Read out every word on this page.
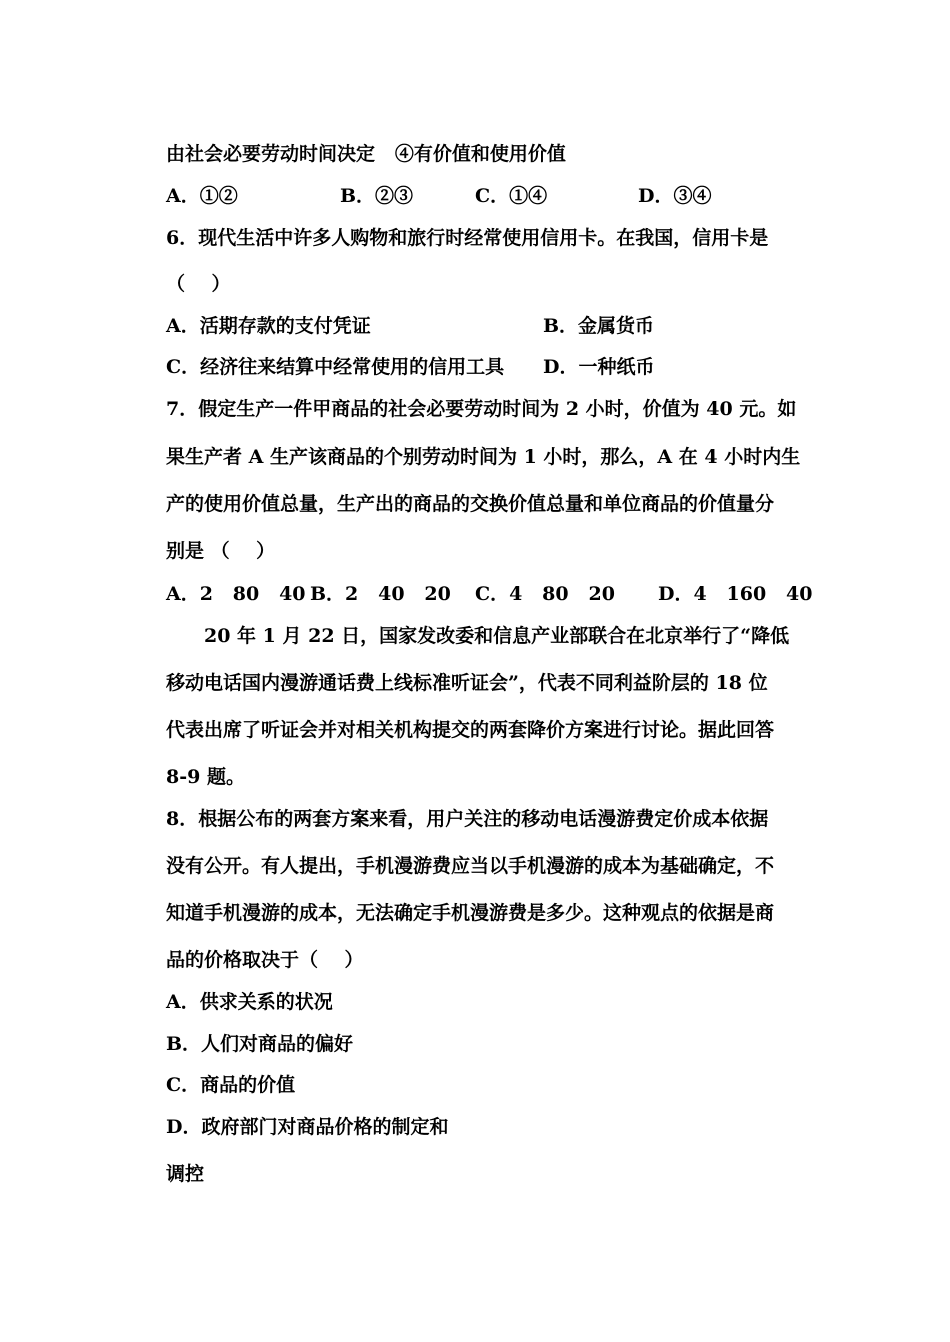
由社会必要劳动时间决定   ④有价值和使用价值
A．①②	B．②③	C．①④	D．③④
6．现代生活中许多人购物和旅行时经常使用信用卡。在我国，信用卡是
（    ）
A．活期存款的支付凭证	B．金属货币
C．经济往来结算中经常使用的信用工具 D．一种纸币
7．假定生产一件甲商品的社会必要劳动时间为 2 小时，价值为 40 元。如
果生产者 A 生产该商品的个别劳动时间为 1 小时，那么，A 在 4 小时内生
产的使用价值总量，生产出的商品的交换价值总量和单位商品的价值量分
别是 （    ）
A．2   80   40 B．2   40   20 C．4   80   20 D．4   160   40
20 年 1 月 22 日，国家发改委和信息产业部联合在北京举行了“降低
移动电话国内漫游通话费上线标准听证会”，代表不同利益阶层的 18 位
代表出席了听证会并对相关机构提交的两套降价方案进行讨论。据此回答
8-9 题。
8．根据公布的两套方案来看，用户关注的移动电话漫游费定价成本依据
没有公开。有人提出，手机漫游费应当以手机漫游的成本为基础确定，不
知道手机漫游的成本，无法确定手机漫游费是多少。这种观点的依据是商
品的价格取决于（    ）
A．供求关系的状况
B．人们对商品的偏好
C．商品的价值
D．政府部门对商品价格的制定和
调控
